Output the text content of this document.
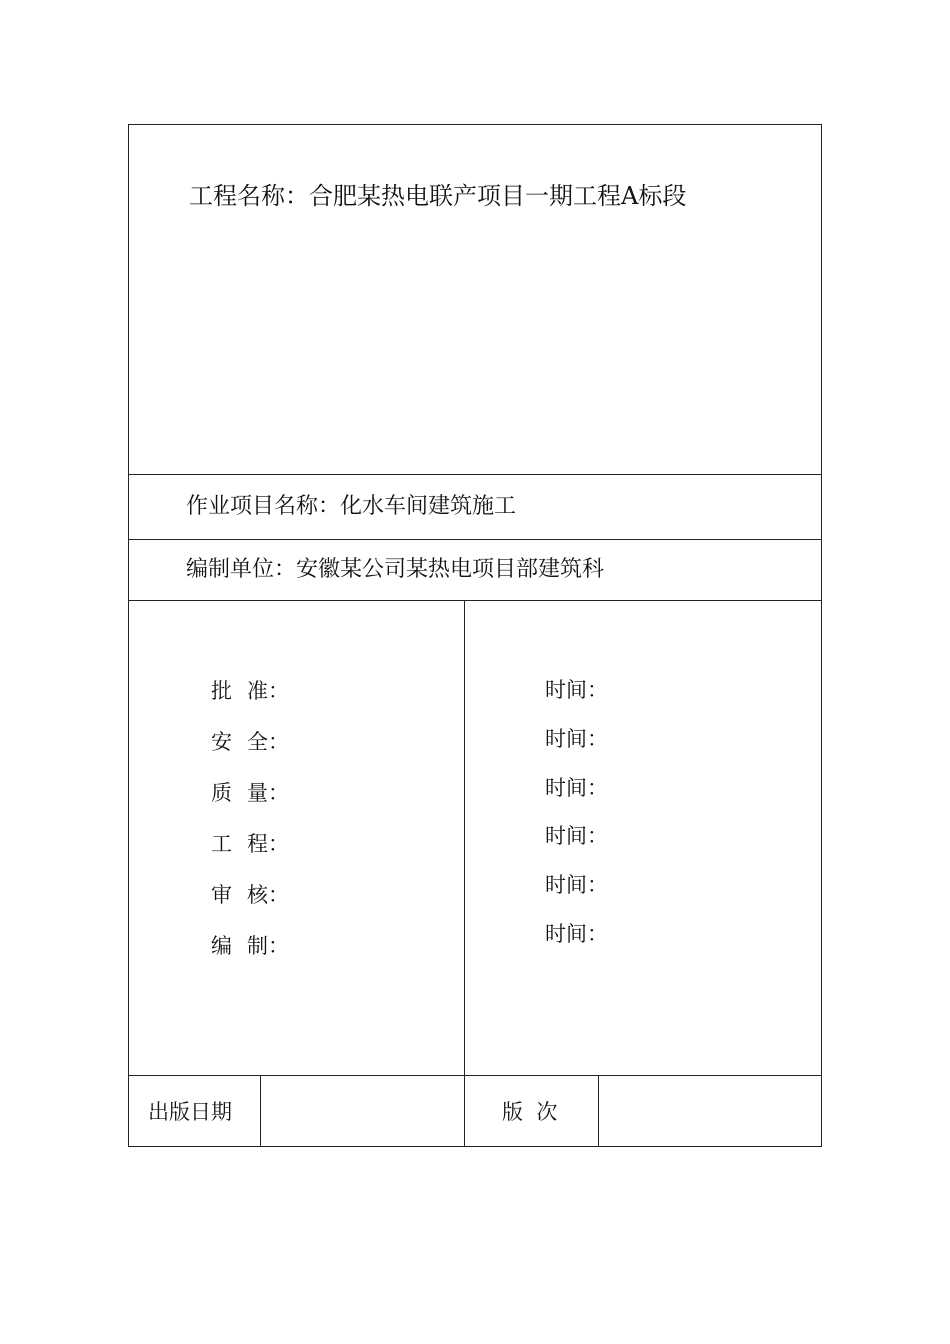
工程名称：合肥某热电联产项目一期工程A标段
作业项目名称：化水车间建筑施工
编制单位：安徽某公司某热电项目部建筑科
批 准：
安 全：
质 量：
工 程：
审 核：
编 制：
时间：
时间：
时间：
时间：
时间：
时间：
出版日期	版  次
